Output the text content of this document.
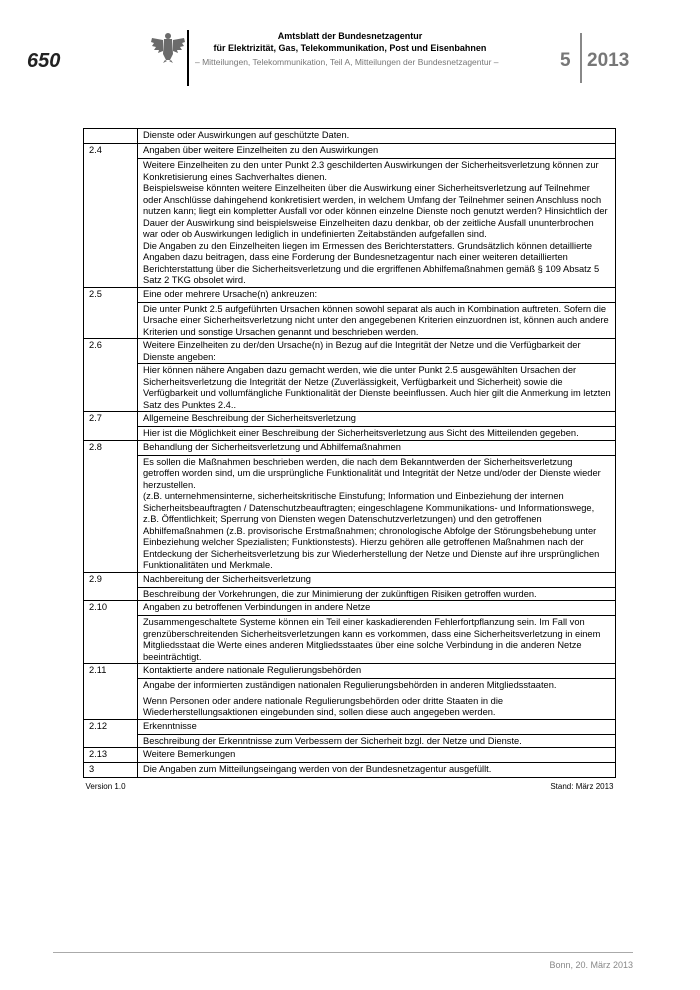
650
Amtsblatt der Bundesnetzagentur
für Elektrizität, Gas, Telekommunikation, Post und Eisenbahnen
– Mitteilungen, Telekommunikation, Teil A, Mitteilungen der Bundesnetzagentur –	5 2013
	Dienste oder Auswirkungen auf geschützte Daten.
2.4	Angaben über weitere Einzelheiten zu den Auswirkungen

	Weitere Einzelheiten zu den unter Punkt 2.3 geschilderten Auswirkungen der Sicherheitsverletzung können zur Konkretisierung eines Sachverhaltes dienen.
Beispielsweise könnten weitere Einzelheiten über die Auswirkung einer Sicherheitsverletzung auf Teilnehmer oder Anschlüsse dahingehend konkretisiert werden, in welchem Umfang der Teilnehmer seinen Anschluss noch nutzen kann; liegt ein kompletter Ausfall vor oder können einzelne Dienste noch genutzt werden? Hinsichtlich der Dauer der Auswirkung sind beispielsweise Einzelheiten dazu denkbar, ob der zeitliche Ausfall ununterbrochen war oder ob Auswirkungen lediglich in undefinierten Zeitabständen aufgefallen sind.
Die Angaben zu den Einzelheiten liegen im Ermessen des Berichterstatters. Grundsätzlich können detaillierte Angaben dazu beitragen, dass eine Forderung der Bundesnetzagentur nach einer weiteren detaillierten Berichterstattung über die Sicherheitsverletzung und die ergriffenen Abhilfemaßnahmen gemäß § 109 Absatz 5 Satz 2 TKG obsolet wird.

2.5	Eine oder mehrere Ursache(n) ankreuzen:

	Die unter Punkt 2.5 aufgeführten Ursachen können sowohl separat als auch in Kombination auftreten. Sofern die Ursache einer Sicherheitsverletzung nicht unter den angegebenen Kriterien einzuordnen ist, können auch andere Kriterien und sonstige Ursachen genannt und beschrieben werden.

2.6	Weitere Einzelheiten zu der/den Ursache(n) in Bezug auf die Integrität der Netze und die Verfügbarkeit der Dienste angeben:

	Hier können nähere Angaben dazu gemacht werden, wie die unter Punkt 2.5 ausgewählten Ursachen der Sicherheitsverletzung die Integrität der Netze (Zuverlässigkeit, Verfügbarkeit und Sicherheit) sowie die Verfügbarkeit und vollumfängliche Funktionalität der Dienste beeinflussen. Auch hier gilt die Anmerkung im letzten Satz des Punktes 2.4..

2.7	Allgemeine Beschreibung der Sicherheitsverletzung

	Hier ist die Möglichkeit einer Beschreibung der Sicherheitsverletzung aus Sicht des Mitteilenden gegeben.

2.8	Behandlung der Sicherheitsverletzung und Abhilfemaßnahmen

	Es sollen die Maßnahmen beschrieben werden, die nach dem Bekanntwerden der Sicherheitsverletzung getroffen worden sind, um die ursprüngliche Funktionalität und Integrität der Netze und/oder der Dienste wieder herzustellen.
(z.B. unternehmensinterne, sicherheitskritische Einstufung; Information und Einbeziehung der internen Sicherheitsbeauftragten / Datenschutzbeauftragten; eingeschlagene Kommunikations- und Informationswege, z.B. Öffentlichkeit; Sperrung von Diensten wegen Datenschutzverletzungen) und den getroffenen Abhilfemaßnahmen (z.B. provisorische Erstmaßnahmen; chronologische Abfolge der Störungsbehebung unter Einbeziehung welcher Spezialisten; Funktionstests). Hierzu gehören alle getroffenen Maßnahmen nach der Entdeckung der Sicherheitsverletzung bis zur Wiederherstellung der Netze und Dienste auf ihre ursprünglichen Funktionalitäten und Merkmale.

2.9	Nachbereitung der Sicherheitsverletzung

	Beschreibung der Vorkehrungen, die zur Minimierung der zukünftigen Risiken getroffen wurden.

2.10	Angaben zu betroffenen Verbindungen in andere Netze

	Zusammengeschaltete Systeme können ein Teil einer kaskadierenden Fehlerfortpflanzung sein. Im Fall von grenzüberschreitenden Sicherheitsverletzungen kann es vorkommen, dass eine Sicherheitsverletzung in einem Mitgliedsstaat die Werte eines anderen Mitgliedsstaates über eine solche Verbindung in die anderen Netze beeinträchtigt.

2.11	Kontaktierte andere nationale Regulierungsbehörden

	Angabe der informierten zuständigen nationalen Regulierungsbehörden in anderen Mitgliedsstaaten.
Wenn Personen oder andere nationale Regulierungsbehörden oder dritte Staaten in die Wiederherstellungsaktionen eingebunden sind, sollen diese auch angegeben werden.

2.12	Erkenntnisse

	Beschreibung der Erkenntnisse zum Verbessern der Sicherheit bzgl. der Netze und Dienste.

2.13	Weitere Bemerkungen
3	Die Angaben zum Mitteilungseingang werden von der Bundesnetzagentur ausgefüllt.
Version 1.0	Stand: März 2013
Bonn, 20. März 2013
